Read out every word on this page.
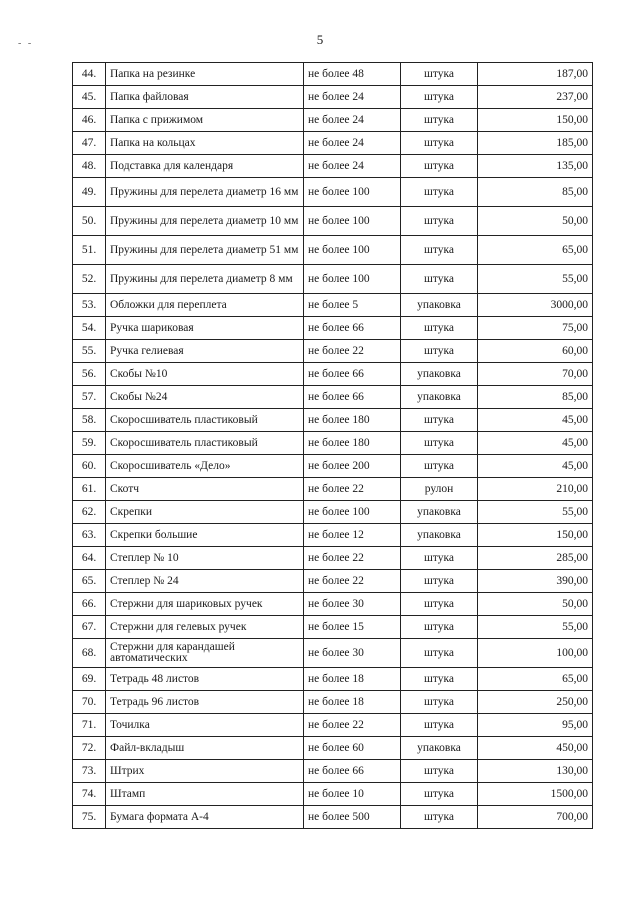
- -	5
44.	Папка на резинке	не более 48	штука	187,00
45.	Папка файловая	не более 24	штука	237,00
46.	Папка с прижимом	не более 24	штука	150,00
47.	Папка на кольцах	не более 24	штука	185,00
48.	Подставка для календаря	не более 24	штука	135,00
49.	Пружины для перелета диаметр 16 мм	не более 100	штука	85,00
50.	Пружины для перелета диаметр 10 мм	не более 100	штука	50,00
51.	Пружины для перелета диаметр 51 мм	не более 100	штука	65,00
52.	Пружины для перелета диаметр 8 мм	не более 100	штука	55,00
53.	Обложки для переплета	не более 5	упаковка	3000,00
54.	Ручка шариковая	не более 66	штука	75,00
55.	Ручка гелиевая	не более 22	штука	60,00
56.	Скобы №10	не более 66	упаковка	70,00
57.	Скобы №24	не более 66	упаковка	85,00
58.	Скоросшиватель пластиковый	не более 180	штука	45,00
59.	Скоросшиватель пластиковый	не более 180	штука	45,00
60.	Скоросшиватель «Дело»	не более 200	штука	45,00
61.	Скотч	не более 22	рулон	210,00
62.	Скрепки	не более 100	упаковка	55,00
63.	Скрепки большие	не более 12	упаковка	150,00
64.	Степлер № 10	не более 22	штука	285,00
65.	Степлер № 24	не более 22	штука	390,00
66.	Стержни для шариковых ручек	не более 30	штука	50,00
67.	Стержни для гелевых ручек	не более 15	штука	55,00
68.	Стержни для карандашей автоматических	не более 30	штука	100,00
69.	Тетрадь 48 листов	не более 18	штука	65,00
70.	Тетрадь 96 листов	не более 18	штука	250,00
71.	Точилка	не более 22	штука	95,00
72.	Файл-вкладыш	не более 60	упаковка	450,00
73.	Штрих	не более 66	штука	130,00
74.	Штамп	не более 10	штука	1500,00
75.	Бумага формата А-4	не более 500	штука	700,00
